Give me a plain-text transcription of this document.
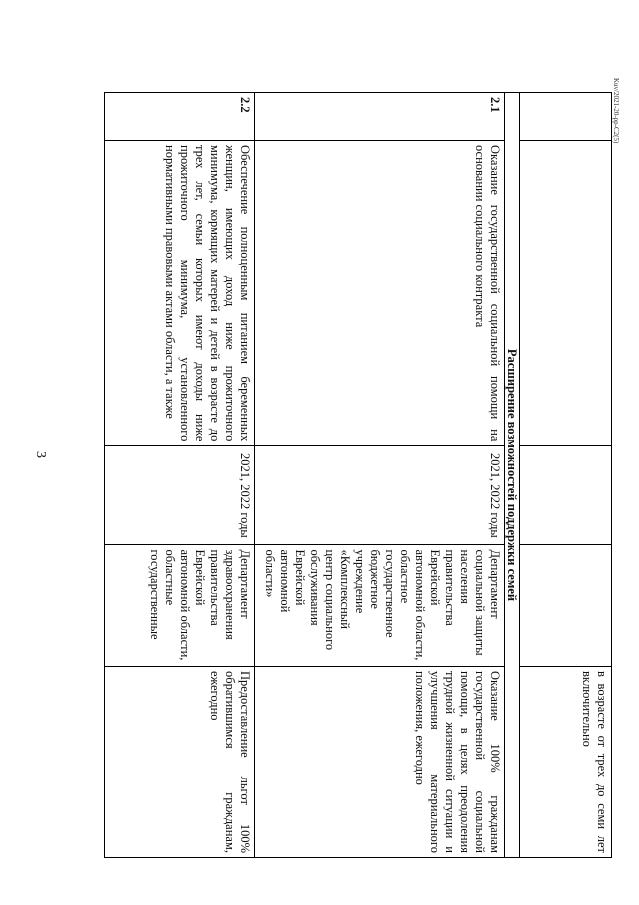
3
Kuv/2021-20-pp-C2(5)
				в возрасте от трех до семи лет включительно
Расширение возможностей поддержки семей				
2.1	Оказание государственной социальной помощи на основании социального контракта	2021, 2022 годы	Департамент социальной защиты населения правительства Еврейской автономной области, областное государственное бюджетное учреждение «Комплексный центр социального обслуживания Еврейской автономной области»	Оказание 100% гражданам государственной социальной помощи, в целях преодоления трудной жизненной ситуации и улучшения материального положения, ежегодно
2.2	Обеспечение полноценным питанием беременных женщин, имеющих доход ниже прожиточного минимума, кормящих матерей и детей в возрасте до трех лет, семьи которых имеют доходы ниже прожиточного минимума, установленного нормативными правовыми актами области, а также	2021, 2022 годы	Департамент здравоохранения правительства Еврейской автономной области, областные государственные	Предоставление льгот 100% обратившимся гражданам, ежегодно
